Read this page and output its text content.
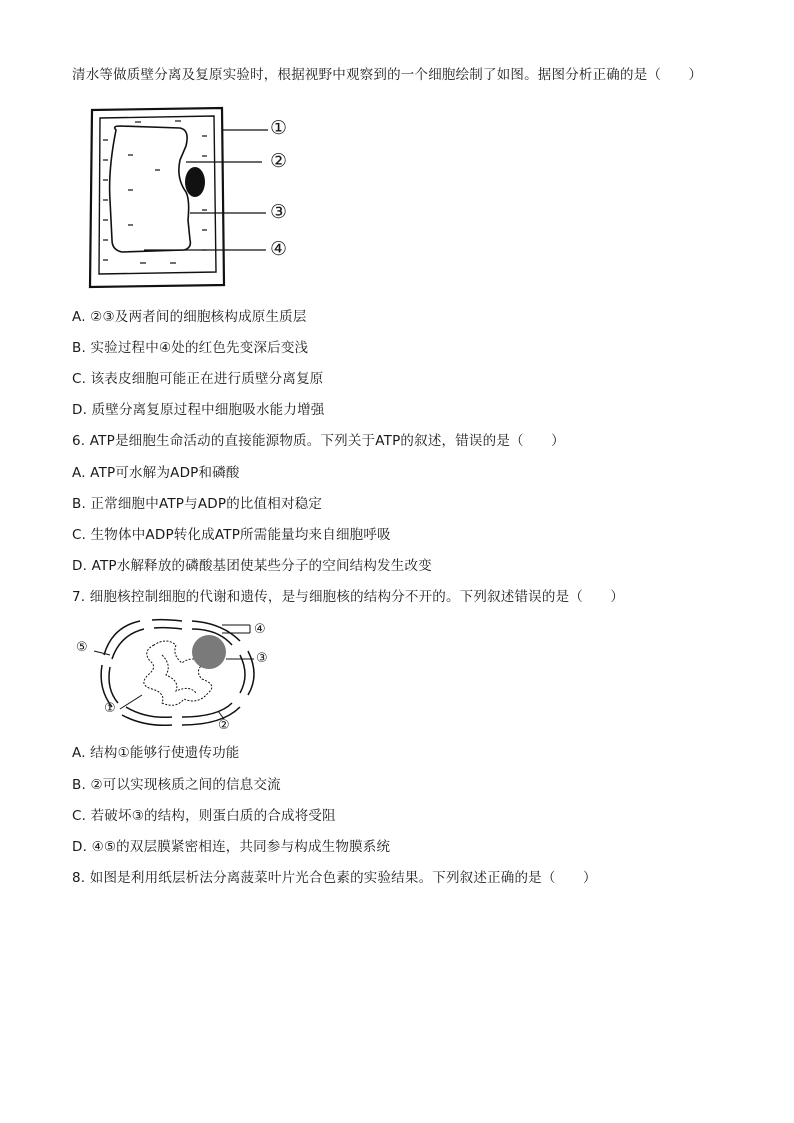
清水等做质壁分离及复原实验时，根据视野中观察到的一个细胞绘制了如图。据图分析正确的是（　　）
①
②
③
④
A. ②③及两者间的细胞核构成原生质层
B. 实验过程中④处的红色先变深后变浅
C. 该表皮细胞可能正在进行质壁分离复原
D. 质壁分离复原过程中细胞吸水能力增强
6. ATP是细胞生命活动的直接能源物质。下列关于ATP的叙述，错误的是（　　）
A. ATP可水解为ADP和磷酸
B. 正常细胞中ATP与ADP的比值相对稳定
C. 生物体中ADP转化成ATP所需能量均来自细胞呼吸
D. ATP水解释放的磷酸基团使某些分子的空间结构发生改变
7. 细胞核控制细胞的代谢和遗传，是与细胞核的结构分不开的。下列叙述错误的是（　　）
⑤
④
③
①
②
A. 结构①能够行使遗传功能
B. ②可以实现核质之间的信息交流
C. 若破坏③的结构，则蛋白质的合成将受阻
D. ④⑤的双层膜紧密相连，共同参与构成生物膜系统
8. 如图是利用纸层析法分离菠菜叶片光合色素的实验结果。下列叙述正确的是（　　）
